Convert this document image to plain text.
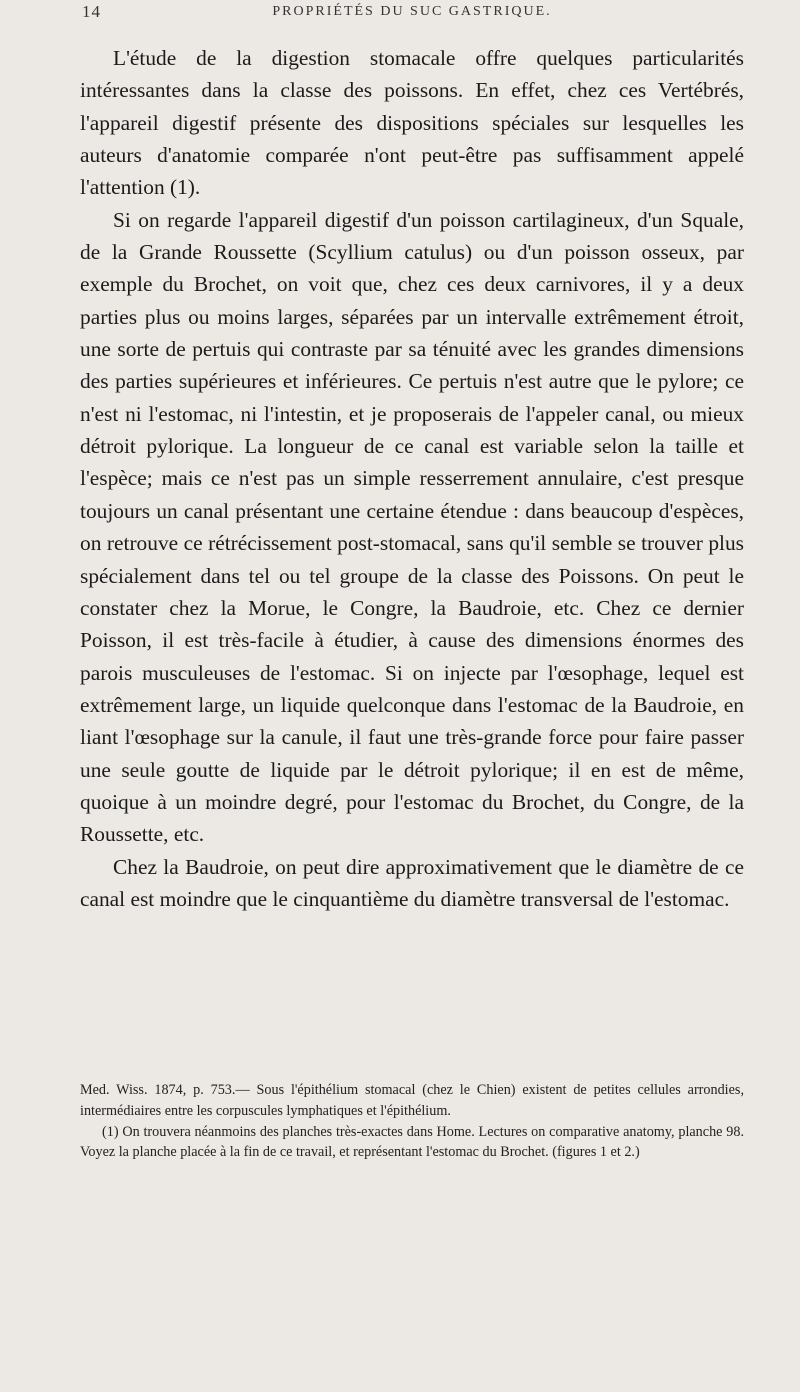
14	PROPRIÉTÉS DU SUC GASTRIQUE.

L'étude de la digestion stomacale offre quelques particularités intéressantes dans la classe des poissons. En effet, chez ces Vertébrés, l'appareil digestif présente des dispositions spéciales sur lesquelles les auteurs d'anatomie comparée n'ont peut-être pas suffisamment appelé l'attention (1).

Si on regarde l'appareil digestif d'un poisson cartilagineux, d'un Squale, de la Grande Roussette (Scyllium catulus) ou d'un poisson osseux, par exemple du Brochet, on voit que, chez ces deux carnivores, il y a deux parties plus ou moins larges, séparées par un intervalle extrêmement étroit, une sorte de pertuis qui contraste par sa ténuité avec les grandes dimensions des parties supérieures et inférieures. Ce pertuis n'est autre que le pylore; ce n'est ni l'estomac, ni l'intestin, et je proposerais de l'appeler canal, ou mieux détroit pylorique. La longueur de ce canal est variable selon la taille et l'espèce; mais ce n'est pas un simple resserrement annulaire, c'est presque toujours un canal présentant une certaine étendue : dans beaucoup d'espèces, on retrouve ce rétrécissement post-stomacal, sans qu'il semble se trouver plus spécialement dans tel ou tel groupe de la classe des Poissons. On peut le constater chez la Morue, le Congre, la Baudroie, etc. Chez ce dernier Poisson, il est très-facile à étudier, à cause des dimensions énormes des parois musculeuses de l'estomac. Si on injecte par l'œsophage, lequel est extrêmement large, un liquide quelconque dans l'estomac de la Baudroie, en liant l'œsophage sur la canule, il faut une très-grande force pour faire passer une seule goutte de liquide par le détroit pylorique; il en est de même, quoique à un moindre degré, pour l'estomac du Brochet, du Congre, de la Roussette, etc.

Chez la Baudroie, on peut dire approximativement que le diamètre de ce canal est moindre que le cinquantième du diamètre transversal de l'estomac.

Med. Wiss. 1874, p. 753.— Sous l'épithélium stomacal (chez le Chien) existent de petites cellules arrondies, intermédiaires entre les corpuscules lymphatiques et l'épithélium.

(1) On trouvera néanmoins des planches très-exactes dans Home. Lectures on comparative anatomy, planche 98. Voyez la planche placée à la fin de ce travail, et représentant l'estomac du Brochet. (figures 1 et 2.)
